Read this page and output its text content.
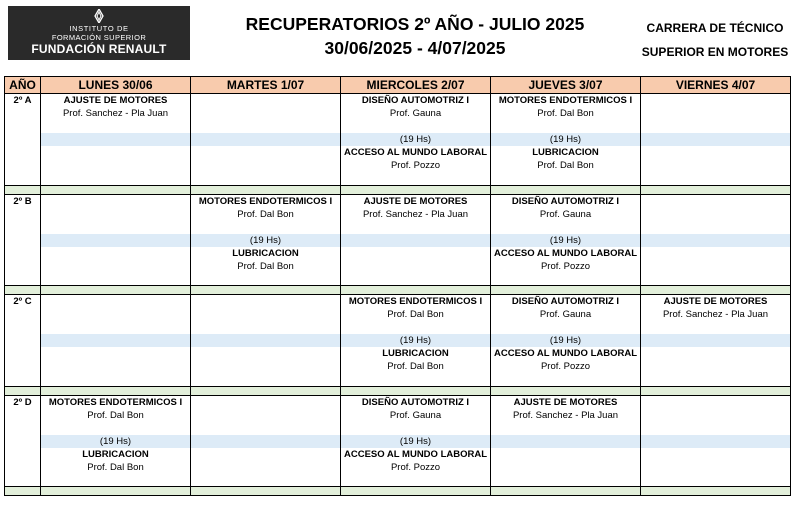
INSTITUTO DE
FORMACIÓN SUPERIOR
FUNDACIÓN RENAULT
RECUPERATORIOS 2º AÑO - JULIO 2025
30/06/2025 - 4/07/2025
CARRERA DE TÉCNICO
SUPERIOR EN MOTORES
AÑO	LUNES 30/06	MARTES 1/07	MIERCOLES 2/07	JUEVES 3/07	VIERNES 4/07
2º A	AJUSTE DE MOTORES		DISEÑO AUTOMOTRIZ I	MOTORES ENDOTERMICOS I	
	Prof. Sanchez - Pla Juan		Prof. Gauna	Prof. Dal Bon	

			(19 Hs)	(19 Hs)	
			ACCESO AL MUNDO LABORAL	LUBRICACION	
			Prof. Pozzo	Prof. Dal Bon	

2º B		MOTORES ENDOTERMICOS I	AJUSTE DE MOTORES	DISEÑO AUTOMOTRIZ I	
		Prof. Dal Bon	Prof. Sanchez - Pla Juan	Prof. Gauna	

		(19 Hs)		(19 Hs)	
		LUBRICACION		ACCESO AL MUNDO LABORAL	
		Prof. Dal Bon		Prof. Pozzo	

2º C			MOTORES ENDOTERMICOS I	DISEÑO AUTOMOTRIZ I	AJUSTE DE MOTORES
			Prof. Dal Bon	Prof. Gauna	Prof. Sanchez - Pla Juan

			(19 Hs)	(19 Hs)	
			LUBRICACION	ACCESO AL MUNDO LABORAL	
			Prof. Dal Bon	Prof. Pozzo	

2º D	MOTORES ENDOTERMICOS I		DISEÑO AUTOMOTRIZ I	AJUSTE DE MOTORES	
	Prof. Dal Bon		Prof. Gauna	Prof. Sanchez - Pla Juan	

	(19 Hs)		(19 Hs)		
	LUBRICACION		ACCESO AL MUNDO LABORAL		
	Prof. Dal Bon		Prof. Pozzo		
